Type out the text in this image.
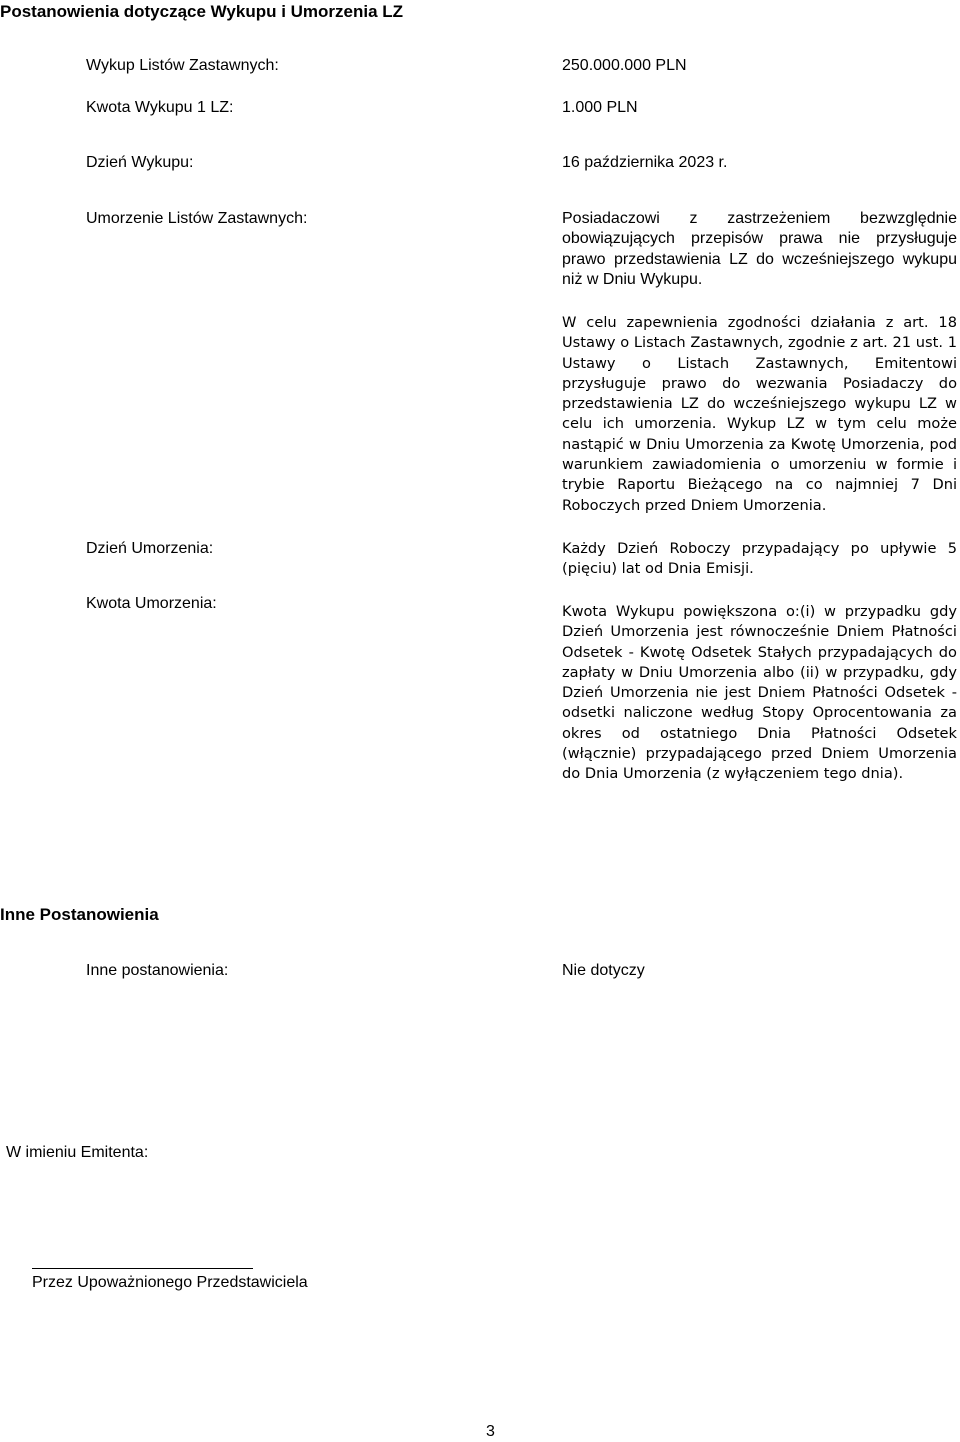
Postanowienia dotyczące Wykupu i Umorzenia LZ
Wykup Listów Zastawnych:	250.000.000 PLN
Kwota Wykupu 1 LZ:	1.000 PLN
Dzień Wykupu:	16 października 2023 r.
Umorzenie Listów Zastawnych:	Posiadaczowi z zastrzeżeniem bezwzględnie obowiązujących przepisów prawa nie przysługuje prawo przedstawienia LZ do wcześniejszego wykupu niż w Dniu Wykupu.
W celu zapewnienia zgodności działania z art. 18 Ustawy o Listach Zastawnych, zgodnie z art. 21 ust. 1 Ustawy o Listach Zastawnych, Emitentowi przysługuje prawo do wezwania Posiadaczy do przedstawienia LZ do wcześniejszego wykupu LZ w celu ich umorzenia. Wykup LZ w tym celu może nastąpić w Dniu Umorzenia za Kwotę Umorzenia, pod warunkiem zawiadomienia o umorzeniu w formie i trybie Raportu Bieżącego na co najmniej 7 Dni Roboczych przed Dniem Umorzenia.
Dzień Umorzenia:	Każdy Dzień Roboczy przypadający po upływie 5 (pięciu) lat od Dnia Emisji.
Kwota Umorzenia:	Kwota Wykupu powiększona o:(i) w przypadku gdy Dzień Umorzenia jest równocześnie Dniem Płatności Odsetek - Kwotę Odsetek Stałych przypadających do zapłaty w Dniu Umorzenia albo (ii) w przypadku, gdy Dzień Umorzenia nie jest Dniem Płatności Odsetek - odsetki naliczone według Stopy Oprocentowania za okres od ostatniego Dnia Płatności Odsetek (włącznie) przypadającego przed Dniem Umorzenia do Dnia Umorzenia (z wyłączeniem tego dnia).
Inne Postanowienia
Inne postanowienia:	Nie dotyczy
W imieniu Emitenta:
Przez Upoważnionego Przedstawiciela
3
